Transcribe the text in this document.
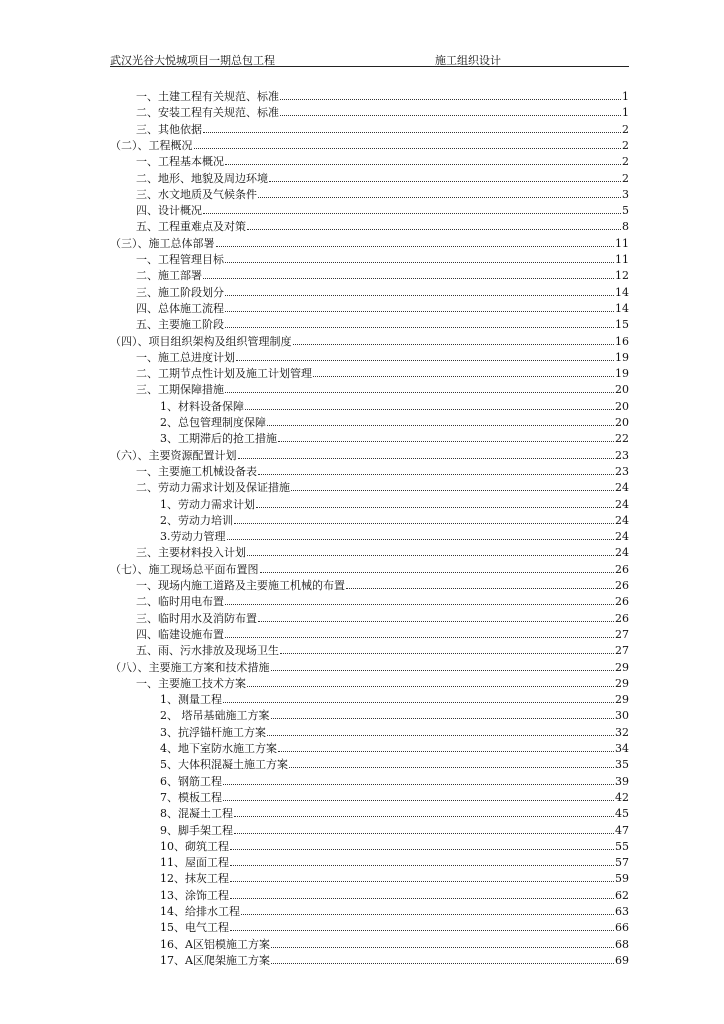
武汉光谷大悦城项目一期总包工程	施工组织设计
一、土建工程有关规范、标准	1
二、安装工程有关规范、标准	1
三、其他依据	2
（二）、工程概况	2
一、工程基本概况	2
二、地形、地貌及周边环境	2
三、水文地质及气候条件	3
四、设计概况	5
五、工程重难点及对策	8
（三）、施工总体部署	11
一、工程管理目标	11
二、施工部署	12
三、施工阶段划分	14
四、总体施工流程	14
五、主要施工阶段	15
（四）、项目组织架构及组织管理制度	16
一、施工总进度计划	19
二、工期节点性计划及施工计划管理	19
三、工期保障措施	20
1、材料设备保障	20
2、总包管理制度保障	20
3、工期滞后的抢工措施	22
（六）、主要资源配置计划	23
一、主要施工机械设备表	23
二、劳动力需求计划及保证措施	24
1、劳动力需求计划	24
2、劳动力培训	24
3.劳动力管理	24
三、主要材料投入计划	24
（七）、施工现场总平面布置图	26
一、现场内施工道路及主要施工机械的布置	26
二、临时用电布置	26
三、临时用水及消防布置	26
四、临建设施布置	27
五、雨、污水排放及现场卫生	27
（八）、主要施工方案和技术措施	29
一、主要施工技术方案	29
1、测量工程	29
2、 塔吊基础施工方案	30
3、抗浮锚杆施工方案	32
4、地下室防水施工方案	34
5、大体积混凝土施工方案	35
6、钢筋工程	39
7、模板工程	42
8、混凝土工程	45
9、脚手架工程	47
10、砌筑工程	55
11、屋面工程	57
12、抹灰工程	59
13、涂饰工程	62
14、给排水工程	63
15、电气工程	66
16、A区铝模施工方案	68
17、A区爬架施工方案	69
